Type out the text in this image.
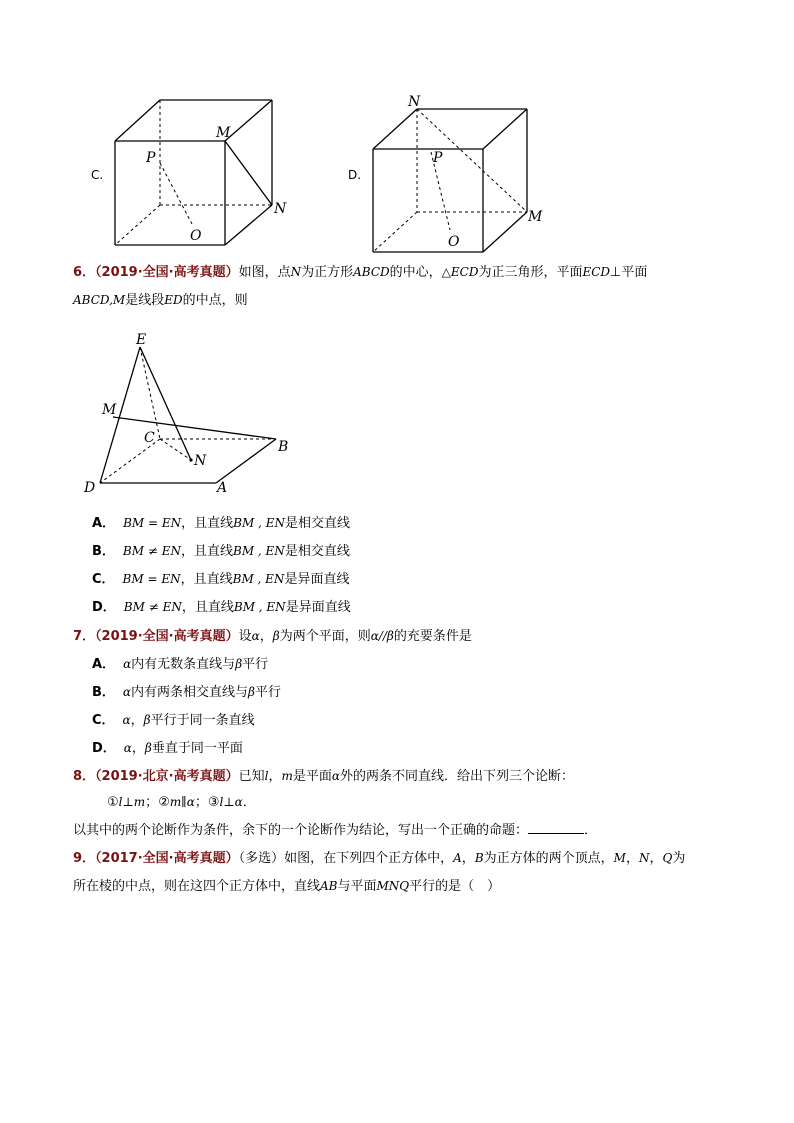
C.
P
M
N
O
D.
N
P
M
O
6．（2019·全国·高考真题）如图，点N为正方形ABCD的中心，△ECD为正三角形，平面ECD⊥平面
ABCD,M是线段ED的中点，则
E
M
C
B
N
D	A
A． BM = EN，且直线BM , EN是相交直线
B． BM ≠ EN，且直线BM , EN是相交直线
C． BM = EN，且直线BM , EN是异面直线
D． BM ≠ EN，且直线BM , EN是异面直线
7．（2019·全国·高考真题）设α，β为两个平面，则α//β的充要条件是
A． α内有无数条直线与β平行
B． α内有两条相交直线与β平行
C． α，β平行于同一条直线
D． α，β垂直于同一平面
8．（2019·北京·高考真题）已知l，m是平面α外的两条不同直线．给出下列三个论断：
①l⊥m；②m∥α；③l⊥α．
以其中的两个论断作为条件，余下的一个论断作为结论，写出一个正确的命题：	．
9．（2017·全国·高考真题）（多选）如图，在下列四个正方体中，A，B为正方体的两个顶点，M，N，Q为
所在棱的中点，则在这四个正方体中，直线AB与平面MNQ平行的是（　）
